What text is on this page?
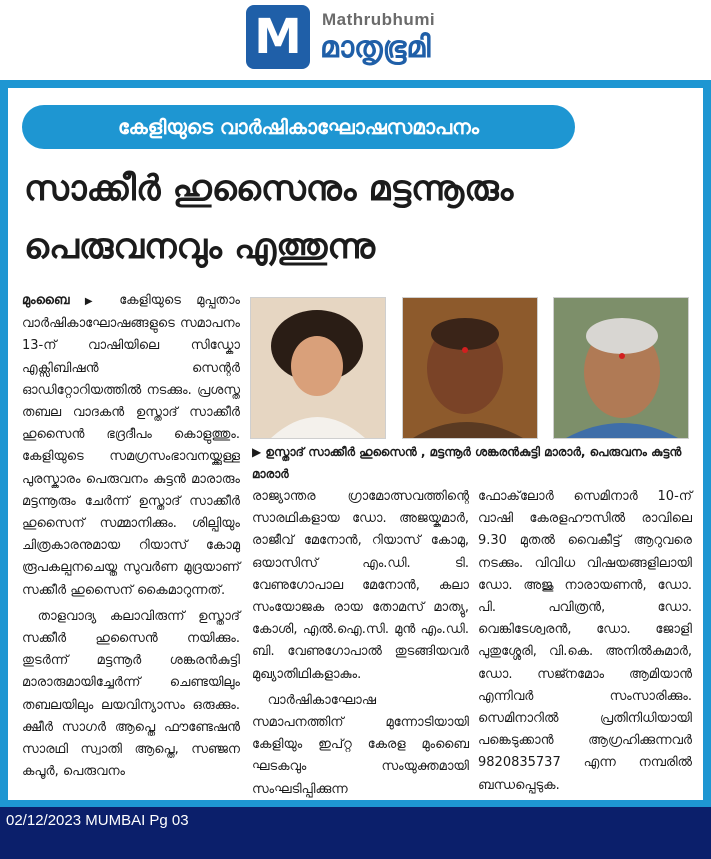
M	Mathrubhumi
മാതൃഭൂമി
കേളിയുടെ വാർഷികാഘോഷസമാപനം
സാക്കീർ ഹുസൈനും മട്ടന്നൂരും
പെരുവനവും എത്തുന്നു

മുംബൈ ▶ കേളിയുടെ മുപ്പതാം വാർഷികാഘോഷങ്ങളുടെ സമാപനം 13-ന് വാഷിയിലെ സിഡ്കോ എക്സിബിഷൻ സെന്റർ ഓഡിറ്റോറിയത്തിൽ നടക്കും. പ്രശസ്ത തബല വാദകൻ ഉസ്താദ് സാക്കീർ ഹുസൈൻ ഭദ്രദീപം കൊളുത്തും. കേളിയുടെ സമഗ്രസംഭാവനയ്ക്കുള്ള പുരസ്കാരം പെരുവനം കുട്ടൻ മാരാരും മട്ടന്നൂരും ചേർന്ന് ഉസ്താദ് സാക്കീർ ഹുസൈന് സമ്മാനിക്കും. ശില്പിയും ചിത്രകാരനുമായ റിയാസ് കോമു രൂപകല്പനചെയ്ത സുവർണ മുദ്രയാണ് സക്കീർ ഹുസൈന് കൈമാറുന്നത്.

താളവാദ്യ കലാവിരുന്ന് ഉസ്താദ് സക്കീർ ഹുസൈൻ നയിക്കും. തുടർന്ന് മട്ടന്നൂർ ശങ്കരൻകുട്ടി മാരാരുമായിച്ചേർന്ന് ചെണ്ടയിലും തബലയിലും ലയവിന്യാസം ഒരുക്കും. ക്ഷീർ സാഗർ ആപ്തെ ഫൗണ്ടേഷൻ സാരഥി സ്വാതി ആപ്തെ, സഞ്ജന കപൂർ, പെരുവനം

▶ ഉസ്താദ് സാക്കീർ ഹുസൈൻ , മട്ടന്നൂർ ശങ്കരൻകുട്ടി മാരാർ, പെരുവനം കുട്ടൻ മാരാർ

രാജ്യാന്തര ഗ്രാമോത്സവത്തിന്റെ സാരഥികളായ ഡോ. അജയ്കുമാർ, രാജീവ് മേനോൻ, റിയാസ് കോമു, ഒയാസിസ് എം.ഡി. ടി. വേണുഗോപാല മേനോൻ, കലാ സംയോജക രായ തോമസ് മാത്യു, കോശി, എൽ.ഐ.സി. മുൻ എം.ഡി. ബി. വേണുഗോപാൽ തുടങ്ങിയവർ മുഖ്യാതിഥികളാകും.

വാർഷികാഘോഷ സമാപനത്തിന് മുന്നോടിയായി കേളിയും ഇപ്റ്റ കേരള മുംബൈ ഘടകവും സംയുക്തമായി സംഘടിപ്പിക്കുന്ന

ഫോക്‌ലോർ സെമിനാർ 10-ന് വാഷി കേരളഹൗസിൽ രാവിലെ 9.30 മുതൽ വൈകീട്ട് ആറുവരെ നടക്കും. വിവിധ വിഷയങ്ങളിലായി ഡോ. അജു നാരായണൻ, ഡോ. പി. പവിത്രൻ, ഡോ. വെങ്കിടേശ്വരൻ, ഡോ. ജോളി പുതുശ്ശേരി, വി.കെ. അനിൽകുമാർ, ഡോ. സജ്നമോം ആമിയാൻ എന്നിവർ സംസാരിക്കും. സെമിനാറിൽ പ്രതിനിധിയായി പങ്കെടുക്കാൻ ആഗ്രഹിക്കുന്നവർ 9820835737 എന്ന നമ്പരിൽ ബന്ധപ്പെടുക.

02/12/2023 MUMBAI Pg 03
